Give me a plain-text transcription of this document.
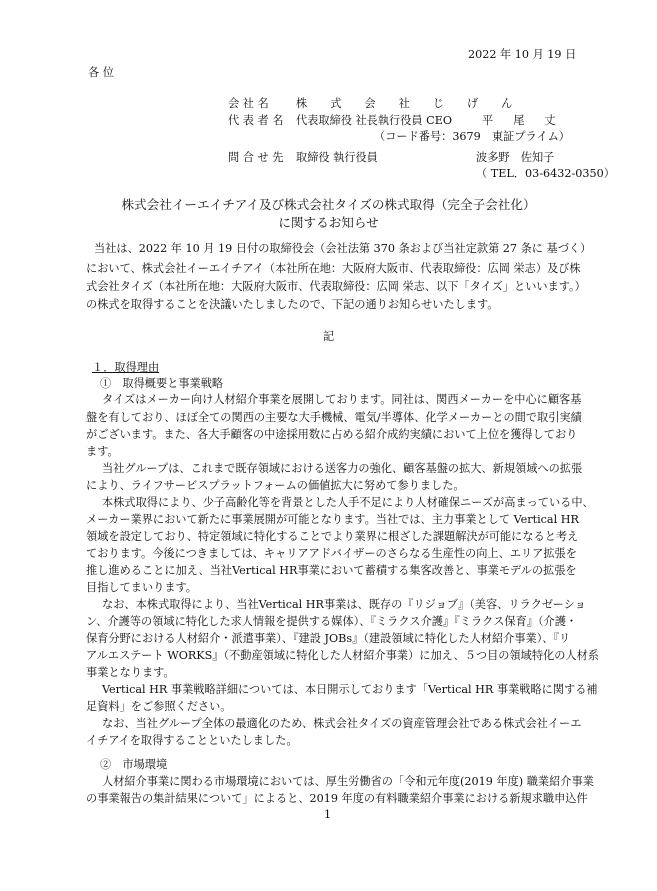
2022 年 10 月 19 日
各 位
会 社 名 株式会社じげん
代 表 者 名 代表取締役 社長執行役員 CEO	平尾丈
（コード番号：3679　東証プライム）
問 合 せ 先 取締役 執行役員	波多野　佐知子
（ TEL．03-6432-0350）
株式会社イーエイチアイ及び株式会社タイズの株式取得（完全子会社化）
に関するお知らせ

当社は、2022 年 10 月 19 日付の取締役会（会社法第 370 条および当社定款第 27 条に 基づく）

において、株式会社イーエイチアイ（本社所在地：大阪府大阪市、代表取締役：広岡 栄志）及び株

式会社タイズ（本社所在地：大阪府大阪市、代表取締役：広岡 栄志、以下「タイズ」といいます。）

の株式を取得することを決議いたしましたので、下記の通りお知らせいたします。

記

１．取得理由

①　取得概要と事業戦略

タイズはメーカー向け人材紹介事業を展開しております。同社は、関西メーカーを中心に顧客基

盤を有しており、ほぼ全ての関西の主要な大手機械、電気/半導体、化学メーカーとの間で取引実績

がございます。また、各大手顧客の中途採用数に占める紹介成約実績において上位を獲得しており

ます。

当社グループは、これまで既存領域における送客力の強化、顧客基盤の拡大、新規領域への拡張

により、ライフサービスプラットフォームの価値拡大に努めて参りました。

本株式取得により、少子高齢化等を背景とした人手不足により人材確保ニーズが高まっている中、

メーカー業界において新たに事業展開が可能となります。当社では、主力事業として Vertical HR

領域を設定しており、特定領域に特化することでより業界に根ざした課題解決が可能になると考え

ております。今後につきましては、キャリアアドバイザーのさらなる生産性の向上、エリア拡張を

推し進めることに加え、当社Vertical HR事業において蓄積する集客改善と、事業モデルの拡張を

目指してまいります。

なお、本株式取得により、当社Vertical HR事業は、既存の『リジョブ』（美容、リラクゼーショ

ン、介護等の領域に特化した求人情報を提供する媒体）、『ミラクス介護』『ミラクス保育』（介護・

保育分野における人材紹介・派遣事業）、『建設 JOBs』（建設領域に特化した人材紹介事業）、『リ

アルエステート WORKS』（不動産領域に特化した人材紹介事業）に加え、５つ目の領域特化の人材系

事業となります。

Vertical HR 事業戦略詳細については、本日開示しております「Vertical HR 事業戦略に関する補

足資料」をご参照ください。

なお、当社グループ全体の最適化のため、株式会社タイズの資産管理会社である株式会社イーエ

イチアイを取得することといたしました。

②　市場環境

人材紹介事業に関わる市場環境においては、厚生労働省の「令和元年度(2019 年度) 職業紹介事業

の事業報告の集計結果について」によると、2019 年度の有料職業紹介事業における新規求職申込件

1
